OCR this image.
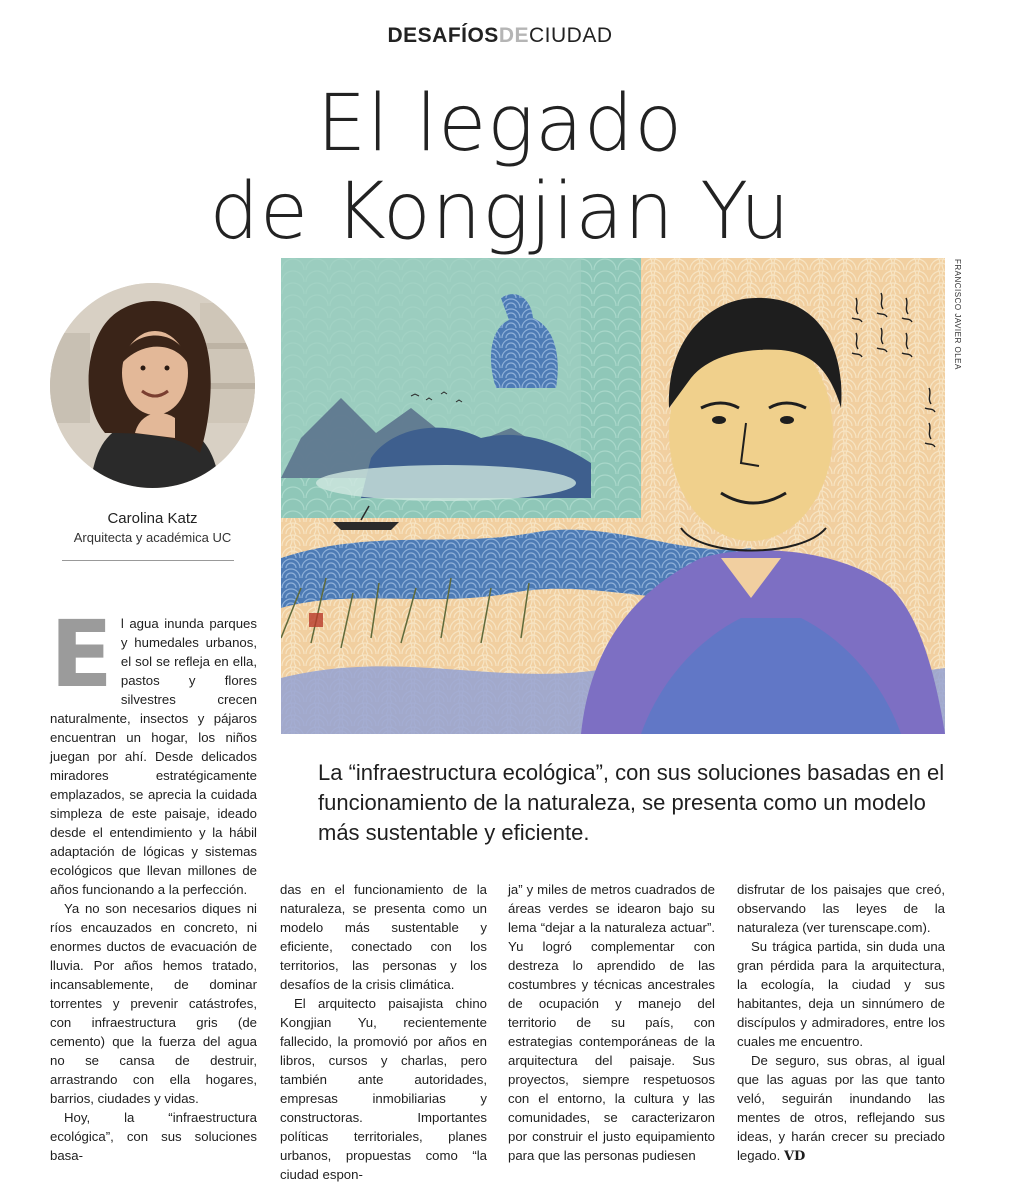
DESAFÍOSDECIUDAD
El legado
de Kongjian Yu
Carolina Katz
Arquitecta y académica UC
FRANCISCO JAVIER OLEA

La “infraestructura ecológica”, con sus soluciones basadas en el funcionamiento de la naturaleza, se presenta como un modelo más sustentable y eficiente.

El agua inunda parques y humedales urbanos, el sol se refleja en ella, pastos y flores silvestres crecen naturalmente, insectos y pájaros encuentran un hogar, los niños juegan por ahí. Desde delicados miradores estratégicamente emplazados, se aprecia la cuidada simpleza de este paisaje, ideado desde el entendimiento y la hábil adaptación de lógicas y sistemas ecológicos que llevan millones de años funcionando a la perfección.

Ya no son necesarios diques ni ríos encauzados en concreto, ni enormes ductos de evacuación de lluvia. Por años hemos tratado, incansablemente, de dominar torrentes y prevenir catástrofes, con infraestructura gris (de cemento) que la fuerza del agua no se cansa de destruir, arrastrando con ella hogares, barrios, ciudades y vidas.

Hoy, la “infraestructura ecológica”, con sus soluciones basa-

das en el funcionamiento de la naturaleza, se presenta como un modelo más sustentable y eficiente, conectado con los territorios, las personas y los desafíos de la crisis climática.

El arquitecto paisajista chino Kongjian Yu, recientemente fallecido, la promovió por años en libros, cursos y charlas, pero también ante autoridades, empresas inmobiliarias y constructoras. Importantes políticas territoriales, planes urbanos, propuestas como “la ciudad espon-

ja” y miles de metros cuadrados de áreas verdes se idearon bajo su lema “dejar a la naturaleza actuar”. Yu logró complementar con destreza lo aprendido de las costumbres y técnicas ancestrales de ocupación y manejo del territorio de su país, con estrategias contemporáneas de la arquitectura del paisaje. Sus proyectos, siempre respetuosos con el entorno, la cultura y las comunidades, se caracterizaron por construir el justo equipamiento para que las personas pudiesen

disfrutar de los paisajes que creó, observando las leyes de la naturaleza (ver turenscape.com).

Su trágica partida, sin duda una gran pérdida para la arquitectura, la ecología, la ciudad y sus habitantes, deja un sinnúmero de discípulos y admiradores, entre los cuales me encuentro.

De seguro, sus obras, al igual que las aguas por las que tanto veló, seguirán inundando las mentes de otros, reflejando sus ideas, y harán crecer su preciado legado. VD
